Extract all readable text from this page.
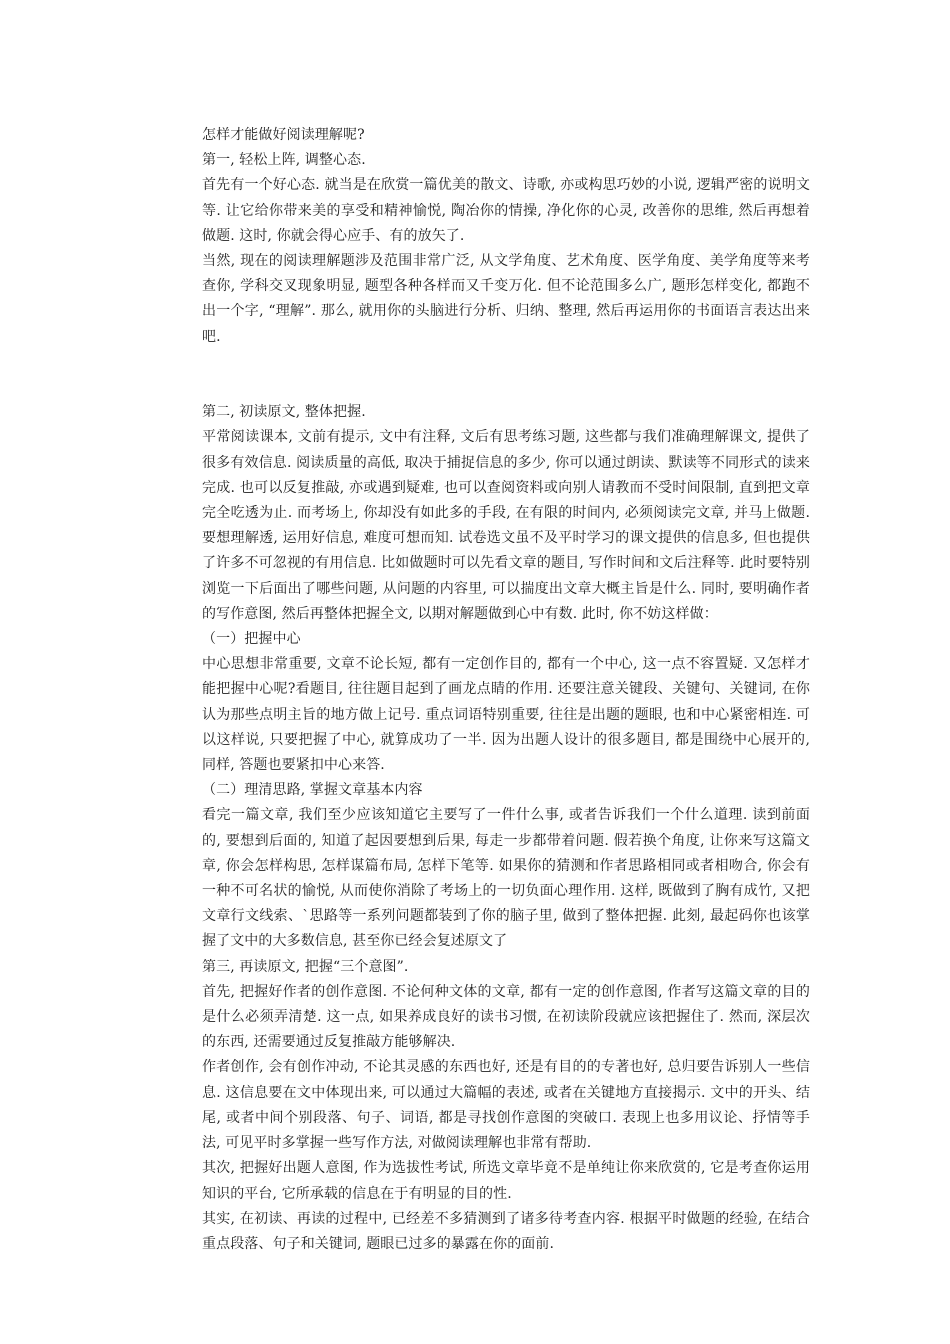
怎样才能做好阅读理解呢?

第一, 轻松上阵, 调整心态.

首先有一个好心态. 就当是在欣赏一篇优美的散文、诗歌, 亦或构思巧妙的小说, 逻辑严密的说明文等. 让它给你带来美的享受和精神愉悦, 陶冶你的情操, 净化你的心灵, 改善你的思维, 然后再想着做题. 这时, 你就会得心应手、有的放矢了.

当然, 现在的阅读理解题涉及范围非常广泛, 从文学角度、艺术角度、医学角度、美学角度等来考查你, 学科交叉现象明显, 题型各种各样而又千变万化. 但不论范围多么广, 题形怎样变化, 都跑不出一个字, “理解”. 那么, 就用你的头脑进行分析、归纳、整理, 然后再运用你的书面语言表达出来吧.

第二, 初读原文, 整体把握.

平常阅读课本, 文前有提示, 文中有注释, 文后有思考练习题, 这些都与我们准确理解课文, 提供了很多有效信息. 阅读质量的高低, 取决于捕捉信息的多少, 你可以通过朗读、默读等不同形式的读来完成. 也可以反复推敲, 亦或遇到疑难, 也可以查阅资料或向别人请教而不受时间限制, 直到把文章完全吃透为止. 而考场上, 你却没有如此多的手段, 在有限的时间内, 必须阅读完文章, 并马上做题. 要想理解透, 运用好信息, 难度可想而知. 试卷选文虽不及平时学习的课文提供的信息多, 但也提供了许多不可忽视的有用信息. 比如做题时可以先看文章的题目, 写作时间和文后注释等. 此时要特别浏览一下后面出了哪些问题, 从问题的内容里, 可以揣度出文章大概主旨是什么. 同时, 要明确作者的写作意图, 然后再整体把握全文, 以期对解题做到心中有数. 此时, 你不妨这样做：

（一）把握中心

中心思想非常重要, 文章不论长短, 都有一定创作目的, 都有一个中心, 这一点不容置疑. 又怎样才能把握中心呢?看题目, 往往题目起到了画龙点睛的作用. 还要注意关键段、关键句、关键词, 在你认为那些点明主旨的地方做上记号. 重点词语特别重要, 往往是出题的题眼, 也和中心紧密相连. 可以这样说, 只要把握了中心, 就算成功了一半. 因为出题人设计的很多题目, 都是围绕中心展开的, 同样, 答题也要紧扣中心来答.

（二）理清思路, 掌握文章基本内容

看完一篇文章, 我们至少应该知道它主要写了一件什么事, 或者告诉我们一个什么道理. 读到前面的, 要想到后面的, 知道了起因要想到后果, 每走一步都带着问题. 假若换个角度, 让你来写这篇文章, 你会怎样构思, 怎样谋篇布局, 怎样下笔等. 如果你的猜测和作者思路相同或者相吻合, 你会有一种不可名状的愉悦, 从而使你消除了考场上的一切负面心理作用. 这样, 既做到了胸有成竹, 又把文章行文线索、`思路等一系列问题都装到了你的脑子里, 做到了整体把握. 此刻, 最起码你也该掌握了文中的大多数信息, 甚至你已经会复述原文了

第三, 再读原文, 把握“三个意图”.

首先, 把握好作者的创作意图. 不论何种文体的文章, 都有一定的创作意图, 作者写这篇文章的目的是什么必须弄清楚. 这一点, 如果养成良好的读书习惯, 在初读阶段就应该把握住了. 然而, 深层次的东西, 还需要通过反复推敲方能够解决.

作者创作, 会有创作冲动, 不论其灵感的东西也好, 还是有目的的专著也好, 总归要告诉别人一些信息. 这信息要在文中体现出来, 可以通过大篇幅的表述, 或者在关键地方直接揭示. 文中的开头、结尾, 或者中间个别段落、句子、词语, 都是寻找创作意图的突破口. 表现上也多用议论、抒情等手法, 可见平时多掌握一些写作方法, 对做阅读理解也非常有帮助.

其次, 把握好出题人意图, 作为选拔性考试, 所选文章毕竟不是单纯让你来欣赏的, 它是考查你运用知识的平台, 它所承载的信息在于有明显的目的性.

其实, 在初读、再读的过程中, 已经差不多猜测到了诸多待考查内容. 根据平时做题的经验, 在结合重点段落、句子和关键词, 题眼已过多的暴露在你的面前.
